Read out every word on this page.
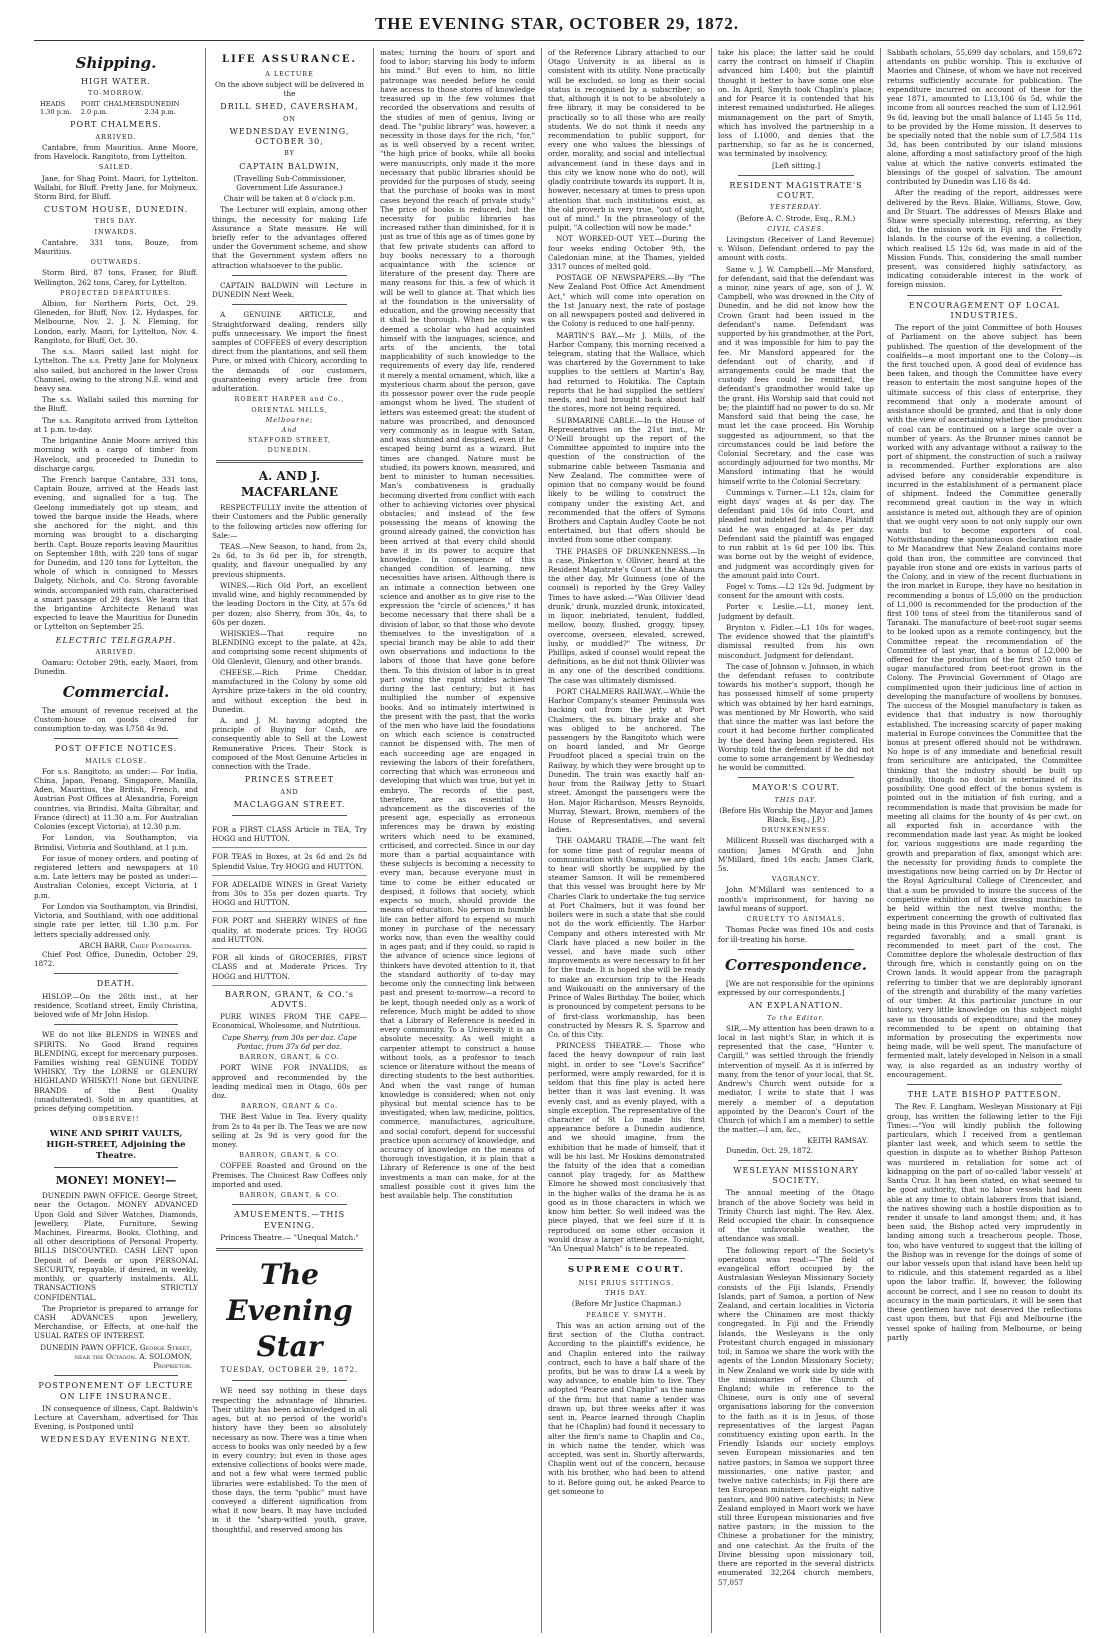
THE EVENING STAR, OCTOBER 29, 1872.
Shipping.
HIGH WATER.
TO-MORROW.
HEADS 1.30 p.m.
PORT CHALMERS 2.0 p.m.
DUNEDIN 2.34 p.m.
PORT CHALMERS.
ARRIVED.

Cantabre, from Mauritius. Anne Moore, from Havelock. Rangitoto, from Lyttelton.

SAILED.

Jane, for Shag Point. Maori, for Lyttelton. Wallabi, for Bluff. Pretty Jane, for Molyneux. Storm Bird, for Bluff.

CUSTOM HOUSE, DUNEDIN.
THIS DAY.
INWARDS.

Cantabre, 331 tons, Bouze, from Mauritius.

OUTWARDS.

Storm Bird, 87 tons, Fraser, for Bluff. Wellington, 262 tons, Carey, for Lyttelton.

PROJECTED DEPARTURES.

Albion, for Northern Ports, Oct. 29. Gleneden, for Bluff, Nov. 12. Hydaspes, for Melbourne, Nov. 2. J. N. Fleming, for London, early. Maori, for Lyttelton, Nov. 4. Rangitoto, for Bluff, Oct. 30.

The s.s. Maori sailed last night for Lyttelton. The s.s. Pretty Jane for Molyneux also sailed, but anchored in the lower Cross Channel, owing to the strong N.E. wind and heavy sea.

The s.s. Wallabi sailed this morning for the Bluff.

The s.s. Rangitoto arrived from Lyttelton at 1 p.m. to-day.

The brigantine Annie Moore arrived this morning with a cargo of timber from Havelock, and proceeded to Dunedin to discharge cargo.

The French barque Cantabre, 331 tons, Captain Bouze, arrived at the Heads last evening, and signalled for a tug. The Geelong immediately got up steam, and towed the barque inside the Heads, where she anchored for the night, and this morning was brought to a discharging berth. Capt. Bouze reports leaving Mauritius on September 18th, with 220 tons of sugar for Dunedin, and 120 tons for Lyttelton, the whole of which is consigned to Messrs Dalgety, Nichols, and Co. Strong favorable winds, accompanied with rain, characterised a smart passage of 29 days. We learn that the brigantine Architecte Renaud was expected to leave the Mauritius for Dunedin or Lyttelton on September 25.

ELECTRIC TELEGRAPH.
ARRIVED.

Oamaru: October 29th, early, Maori, from Dunedin.

Commercial.

The amount of revenue received at the Custom-house on goods cleared for consumption to-day, was L758 4s 9d.

POST OFFICE NOTICES.
MAILS CLOSE.

For s.s. Rangitoto, as under:— For India, China, Japan, Penang, Singapore, Manilla, Aden, Mauritius, the British, French, and Austrian Post Offices at Alexandria, Foreign countries, via Brindisi, Malta Gibraltar, and France (direct) at 11.30 a.m. For Australian Colonies (except Victoria), at 12.30 p.m.

For London, via Southampton, via Brindisi, Victoria and Southland, at 1 p.m.

For issue of money orders, and posting of registered letters and newspapers at 10 a.m. Late letters may be posted as under:— Australian Colonies, except Victoria, at 1 p.m.

For London via Southampton, via Brindisi, Victoria, and Southland, with one additional single rate per letter, till 1.30 p.m. For letters specially addressed only.

ARCH BARR, Chief Postmaster.

Chief Post Office, Dunedin, October 29, 1872.

DEATH.

HISLOP.—On the 26th inst., at her residence, Scotland street, Emily Christina, beloved wife of Mr John Hislop.

WE do not like BLENDS in WINES and SPIRITS. No Good Brand requires BLENDING, except for mercenary purposes. Families wishing real GENUINE TODDY WHISKY, Try the LORNE or GLENURY HIGHLAND WHISKY!! None but GENUINE BRANDS of the Best Quality (unadulterated). Sold in any quantities, at prices defying competition.

OBSERVE!!
WINE AND SPIRIT VAULTS, HIGH-STREET, Adjoining the Theatre.
MONEY! MONEY!—

DUNEDIN PAWN OFFICE. George Street, near the Octagon. MONEY ADVANCED Upon Gold and Silver Watches, Diamonds, Jewellery, Plate, Furniture, Sewing Machines, Firearms, Books, Clothing, and all other descriptions of Personal Property. BILLS DISCOUNTED. CASH LENT upon Deposit of Deeds or upon PERSONAL SECURITY, repayable, if desired, in weekly, monthly, or quarterly instalments. ALL TRANSACTIONS STRICTLY CONFIDENTIAL.

The Proprietor is prepared to arrange for CASH ADVANCES upon Jewellery, Merchandise, or Effects, at one-half the USUAL RATES OF INTEREST.

DUNEDIN PAWN OFFICE, George Street, near the Octagon. A. SOLOMON, Proprietor.
POSTPONEMENT OF LECTURE ON LIFE INSURANCE.

IN consequence of illness, Capt. Baldwin's Lecture at Caversham, advertised for This Evening, is Postponed until

WEDNESDAY EVENING NEXT.
LIFE ASSURANCE.
A LECTURE

On the above subject will be delivered in the

DRILL SHED, CAVERSHAM,
ON
WEDNESDAY EVENING, OCTOBER 30,
BY
CAPTAIN BALDWIN,

(Travelling Sub-Commissioner, Government Life Assurance.)

Chair will be taken at 8 o'clock p.m.

The Lecturer will explain, among other things, the necessity for making Life Assurance a State measure. He will briefly refer to the advantages offered under the Government scheme, and show that the Government system offers no attraction whatsoever to the public.

CAPTAIN BALDWIN will Lecture in DUNEDIN Next Week.

A GENUINE ARTICLE, and Straightforward dealing, renders silly puffs unnecessary. We import the finest samples of COFFEES of every description direct from the plantations, and sell them Pure, or mixed with Chicory, according to the demands of our customers, guaranteeing every article free from adulteration.

ROBERT HARPER and Co.,
ORIENTAL MILLS,
Melbourne;
And
STAFFORD STREET,
DUNEDIN.
A. AND J. MACFARLANE

RESPECTFULLY invite the attention of their Customers and the Public generally to the following articles now offering for Sale:—

TEAS.—New Season, to hand, from 2s, 2s 6d, to 3s 6d per lb, for strength, quality, and flavour unequalled by any previous shipments.

WINES.—Rich Old Port, an excellent invalid wine, and highly recommended by the leading Doctors in the City, at 57s 6d per dozen; also Sherry, from 30s, 4s, to 60s per dozen.

WHISKIES—That require no BLENDING except to the palate, at 42s, and comprising some recent shipments of Old Glenlevit, Glenury, and other brands.

CHEESE.—Rich Prime Cheddar, manufactured in the Colony by some old Ayrshire prize-takers in the old country, and without exception the best in Dunedin.

A. and J. M. having adopted the principle of Buying for Cash, are consequently able to Sell at the Lowest Remunerative Prices. Their Stock is composed of the Most Genuine Articles in connection with the Trade.

PRINCES STREET
AND
MACLAGGAN STREET.
FOR a FIRST CLASS Article in TEA, Try HOGG and HUTTON.
FOR TEAS in Boxes, at 2s 6d and 2s 8d Splendid Value. Try HOGG and HUTTON.
FOR ADELAIDE WINES in Great Variety from 30s to 35s per dozen quarts. Try HOGG and HUTTON.
FOR PORT and SHERRY WINES of fine quality, at moderate prices. Try HOGG and HUTTON.
FOR all kinds of GROCERIES, FIRST CLASS and at Moderate Prices. Try HOGG and HUTTON.
BARRON, GRANT, & CO.'s ADVTS.

PURE WINES FROM THE CAPE—Economical, Wholesome, and Nutritious.

Cape Sherry, from 30s per doz. Cape Pontac, from 37s 6d per doz.

BARRON, GRANT, & CO.

PORT WINE FOR INVALIDS, as approved and recommended by the leading medical men in Otago, 60s per doz.

BARRON, GRANT & Co.

THE Best Value in Tea. Every quality from 2s to 4s per lb. The Teas we are now selling at 2s 9d is very good for the money.

BARRON, GRANT, & CO.

COFFEE Roasted and Ground on the Premises. The Choicest Raw Coffees only imported and used.

BARRON, GRANT, & CO.
AMUSEMENTS.—THIS EVENING.

Princess Theatre.— "Unequal Match."

The Evening Star
TUESDAY, OCTOBER 29, 1872.

WE need say nothing in these days respecting the advantage of libraries. Their utility has been acknowledged in all ages, but at no period of the world's history have they been so absolutely necessary as now. There was a time when access to books was only needed by a few in every country; but even in those ages extensive collections of books were made, and not a few what were termed public libraries were established. To the men of those days, the term "public" must have conveyed a different signification from what it now bears. It may have included in it the "sharp-witted youth, grave, thoughtful, and reserved among his

mates; turning the hours of sport and food to labor; starving his body to inform his mind." But even to him, no little patronage was needed before he could have access to those stores of knowledge treasured up in the few volumes that recorded the observations and results of the studies of men of genius, living or dead. The "public library" was, however, a necessity in those days for the rich, "for," as is well observed by a recent writer, "the high price of books, while all books were manuscripts, only made it the more necessary that public libraries should be provided for the purposes of study, seeing that the purchase of books was in most cases beyond the reach of private study." The price of books is reduced, but the necessity for public libraries has increased rather than diminished, for it is just as true of this age as of times gone by that few private students can afford to buy books necessary to a thorough acquaintance with the science or literature of the present day. There are many reasons for this, a few of which it will be well to glance at. That which lies at the foundation is the universality of education, and the growing necessity that it shall be thorough. When he only was deemed a scholar who had acquainted himself with the languages, science, and arts of the ancients, the total inapplicability of such knowledge to the requirements of every day life, rendered it merely a mental ornament, which, like a mysterious charm about the person, gave its possessor power over the rude people amongst whom he lived. The student of letters was esteemed great: the student of nature was proscribed, and denounced very commonly as in league with Satan, and was shunned and despised, even if he escaped being burnt as a wizard. But times are changed. Nature must be studied, its powers known, measured, and bent to minister to human necessities. Man's combativeness is gradually becoming diverted from conflict with each other to achieving victories over physical obstacles; and instead of the few possessing the means of knowing the ground already gained, the conviction has been arrived at that every child should have it in its power to acquire that knowledge. In consequence of this changed condition of learning, new necessities have arisen. Although there is an intimate a connection between one science and another as to give rise to the expression the "circle of sciences," it has become necessary that there shall be a division of labor, so that those who devote themselves to the investigation of a special branch may be able to add their own observations and inductions to the labors of those that have gone before them. To this division of labor is in great part owing the rapid strides achieved during the last century; but it has multiplied the number of expensive books. And so intimately intertwined is the present with the past, that the works of the men who have laid the foundations on which each science is constructed cannot be dispensed with. The men of each succeeding age are engaged in reviewing the labors of their forefathers, correcting that which was erroneous and developing that which was true, but yet in embryo. The records of the past, therefore, are as essential to advancement as the discoveries of the present age, especially as erroneous inferences may be drawn by existing writers which need to be examined, criticised, and corrected. Since in our day more than a partial acquaintance with these subjects is becoming a necessity to every man, because everyone must in time to come be either educated or despised, it follows that society, which expects so much, should provide the means of education. No person in humble life can better afford to expend so much money in purchase of the necessary works now, than even the wealthy could in ages past; and if they could, so rapid is the advance of science since legions of thinkers have devoted attention to it, that the standard authority of to-day may become only the connecting link between past and present to-morrow—a record to be kept, though needed only as a work of reference. Much might be added to show that a Library of Reference is needed in every community. To a University it is an absolute necessity. As well might a carpenter attempt to construct a house without tools, as a professor to teach science or literature without the means of directing students to the best authorities. And when the vast range of human knowledge is considered; when not only physical but mental science has to be investigated; when law, medicine, politics, commerce, manufactures, agriculture, and social comfort, depend for successful practice upon accuracy of knowledge, and accuracy of knowledge on the means of thorough investigation, it is plain that a Library of Reference is one of the best investments a man can make, for at the smallest possible cost it gives him the best available help. The constitution

of the Reference Library attached to our Otago University is as liberal as is consistent with its utility. None practically will be excluded, so long as their social status is recognised by a subscriber; so that, although it is not to be absolutely a free library, it may be considered to be practically so to all those who are really students. We do not think it needs any recommendation to public support, for every one who values the blessings of order, morality, and social and intellectual advancement (and in these days and in this city we know none who do not), will gladly contribute towards its support. It is, however, necessary at times to press upon attention that such institutions exist, as the old proverb is very true, "out of sight, out of mind." In the phraseology of the pulpit, "A collection will now be made."

NOT WORKED-OUT YET.—During the four weeks ending October 9th, the Caledonian mine, at the Thames, yielded 3317 ounces of melted gold.

POSTAGE OF NEWSPAPERS.—By "The New Zealand Post Office Act Amendment Act," which will come into operation on the 1st January next, the rate of postage on all newspapers posted and delivered in the Colony is reduced to one half-penny.

MARTIN'S BAY.—Mr J. Mills, of the Harbor Company, this morning received a telegram, stating that the Wallace, which was chartered by the Government to take supplies to the settlers at Martin's Bay, had returned to Hokitika. The Captain reports that he had supplied the settlers' needs, and had brought back about half the stores, more not being required.

SUBMARINE CABLE.—In the House of Representatives on the 21st inst., Mr O'Neill brought up the report of the Committee appointed to inquire into the question of the construction of the submarine cable between Tasmania and New Zealand. The committee were of opinion that no company would be found likely to be willing to construct the company under the existing Act, and recommended that the offers of Symons Brothers and Captain Audley Coote be not entertained, but that offers should be invited from some other company.

THE PHASES OF DRUNKENNESS.—In a case, Pinkerton v. Ollivier, heard at the Resident Magistrate's Court at the Ahaura the other day, Mr Guinness (one of the counsel) is reported by the Grey Valley Times to have asked:—"Was Ollivier 'dead drunk,' drunk, muzzled drunk, intoxicated, in liquor, inebriated, tenulent, fuddled, mellow, boozy, flushed, groggy, tipsey, overcome, overseen, elevated, screwed, lushy, or muddled?" The witness, Dr Phillips, asked if counsel would repeat the definitions, as he did not think Ollivier was in any one of the described conditions. The case was ultimately dismissed.

PORT CHALMERS RAILWAY.—While the Harbor Company's steamer Peninsula was backing out from the jetty at Port Chalmers, the ss. binary brake and she was obliged to be anchored. The passengers by the Rangitoto which were on board landed, and Mr George Proudfoot placed a special train on the Railway, by which they were brought up to Dunedin. The train was exactly half an-hour from the Railway Jetty to Stuart street. Amongst the passengers were the Hon. Major Richardson, Messrs Reynolds, Murray, Stewart, Brown, members of the House of Representatives, and several ladies.

THE OAMARU TRADE.—The want felt for some time past of regular means of communication with Oamaru, we are glad to hear will shortly be supplied by the steamer Samson. It will be remembered that this vessel was brought here by Mr Charles Clark to undertake the tug service at Port Chalmers, but it was found her boilers were in such a state that she could not do the work efficiently. The Harbor Company and others interested with Mr Clark have placed a new boiler in the vessel, and have made such other improvements as were necessary to fit her for the trade. It is hoped she will be ready to make an excursion trip to the Heads and Waikouaiti on the anniversary of the Prince of Wales Birthday. The boiler, which is pronounced by competent persons to be of first-class workmanship, has been constructed by Messrs R. S. Sparrow and Co. of this City.

PRINCESS THEATRE.— Those who faced the heavy downpour of rain last night, in order to see "Love's Sacrifice" performed, were amply rewarded, for it is seldom that this fine play is acted here better than it was last evening. It was evenly cast, and as evenly played, with a single exception. The representative of the character of St Lo made his first appearance before a Dunedin audience, and we should imagine, from the exhibition that he made of himself, that it will be his last. Mr Hoskins demonstrated the fatuity of the idea that a comedian cannot play tragedy, for as Matthew Elmore he showed most conclusively that in the higher walks of the drama he is as good as in those characters in which we know him better. So well indeed was the piece played, that we feel sure if it is reproduced on some other occasion it would draw a larger attendance. To-night, "An Unequal Match" is to be repeated.

SUPREME COURT.
NISI PRIUS SITTINGS.
THIS DAY.

(Before Mr Justice Chapman.)

PEARCE V. SMYTH.

This was an action arising out of the first section of the Clutha contract. According to the plaintiff's evidence, he and Chaplin entered into the railway contract, each to have a half share of the profits, but he was to draw L4 a week by way advance, to enable him to live. They adopted "Pearce and Chaplin" as the name of the firm; but that name a tender was drawn up, but three weeks after it was sent in, Pearce learned through Chaplin that he (Chaplin) had found it necessary to alter the firm's name to Chaplin and Co., in which name the tender, which was accepted, was sent in. Shortly afterwards, Chaplin went out of the concern, because with his brother, who had been to attend to it. Before going out, he asked Pearce to get someone to

take his place; the latter said he could carry the contract on himself if Chaplin advanced him L400; but the plaintiff thought it better to have some one else on. In April, Smyth took Chaplin's place; and for Pearce it is contended that his interest remained undisturbed. He alleges mismanagement on the part of Smyth, which has involved the partnership in a loss of L1000, and denies that the partnership, so far as he is concerned, was terminated by insolvency.

[Left sitting.]

RESIDENT MAGISTRATE'S COURT.
YESTERDAY.

(Before A. C. Strode, Esq., R.M.)

CIVIL CASES.

Livingston (Receiver of Land Revenue) v. Wilson. Defendant ordered to pay the amount with costs.

Same v. J. W. Campbell.—Mr Mansford, for defendant, said that the defendant was a minor, nine years of age, son of J. W. Campbell, who was drowned in the City of Dunedin, and he did not know how the Crown Grant had been issued in the defendant's name. Defendant was supported by his grandmother, at the Port, and it was impossible for him to pay the fee. Mr Mansford appeared for the defendant out of charity, and if arrangements could be made that the custody fees could be remitted, the defendant's grandmother would take up the grant. His Worship said that could not be; the plaintiff had no power to do so. Mr Mansford said that being the case, he must let the case proceed. His Worship suggested as adjournment, so that the circumstances could be laid before the Colonial Secretary, and the case was accordingly adjourned for two months, Mr Mansford intimating that he would himself write to the Colonial Secretary.

Cummings v. Turner.—L1 12s, claim for eight days' wages at 4s per day. The defendant paid 10s 6d into Court, and pleaded not indebted for balance. Plaintiff said he was engaged at 4s per day. Defendant said the plaintiff was engaged to run rabbit at 1s 6d per 100 lbs. This was borne out by the weight of evidence, and judgment was accordingly given for the amount paid into Court.

Fogel v. Toms.—L2 12s 9d. Judgment by consent for the amount with costs.

Porter v. Leslie.—L1, money lent. Judgment by default.

Brynton v. Fidler.—L1 10s for wages. The evidence showed that the plaintiff's dismissal resulted from his own misconduct. Judgment for defendant.

The case of Johnson v. Johnson, in which the defendant refuses to contribute towards his mother's support, though he has possessed himself of some property which was obtained by her hard earnings, was mentioned by Mr Howorth, who said that since the matter was last before the court it had become further complicated by the deed having been registered. His Worship told the defendant if he did not come to some arrangement by Wednesday he would be committed.

MAYOR'S COURT.
THIS DAY.

(Before His Worship the Mayor and James Black, Esq., J.P.)

DRUNKENNESS.

Millicent Russell was discharged with a caution; James M'Grath and John M'Millard, fined 10s each; James Clark, 5s.

VAGRANCY.

John M'Millard was sentenced to a month's imprisonment, for having no lawful means of support.

CRUELTY TO ANIMALS.

Thomas Pocke was fined 10s and costs for ill-treating his horse.

Correspondence.

[We are not responsible for the opinions expressed by our correspondents.]

AN EXPLANATION.
To the Editor.

SIR,—My attention has been drawn to a local in last night's Star, in which it is represented that the case, "Hunter v. Cargill," was settled through the friendly intervention of myself. As it is inferred by many, from the tenor of your local, that St. Andrew's Church went outside for a mediator, I write to state that I was merely a member of a deputation appointed by the Deacon's Court of the Church (of which I am a member) to settle the matter.—I am, &c.,

KEITH RAMSAY.

Dunedin, Oct. 29, 1872.

WESLEYAN MISSIONARY SOCIETY.

The annual meeting of the Otago branch of the above Society was held in Trinity Church last night. The Rev. Alex. Reid occupied the chair. In consequence of the unfavorable weather, the attendance was small.

The following report of the Society's operations was read:—"The field of evangelical effort occupied by the Australasian Wesleyan Missionary Society consists of the Fiji Islands, Friendly Islands, part of Samoa, a portion of New Zealand, and certain localities in Victoria where the Chinamen are most thickly congregated. In Fiji and the Friendly Islands, the Wesleyans is the only Protestant church engaged in missionary toil; in Samoa we share the work with the agents of the London Missionary Society; in New Zealand we work side by side with the missionaries of the Church of England; while in reference to the Chinese, ours is only one of several organisations laboring for the conversion to the faith as it is in Jesus, of those representatives of the largest Pagan constituency existing upon earth. In the Friendly Islands our society employs seven European missionaries and ten native pastors; in Samoa we support three missionaries, one native pastor, and twelve native catechists; in Fiji there are ten European ministers, forty-eight native pastors, and 900 native catechists; in New Zealand employed in Maori work we have still three European missionaries and five native pastors; in the mission to the Chinese a probationer for the ministry, and one catechist. As the fruits of the Divine blessing upon missionary toil, there are reported in the several districts enumerated 32,264 church members, 57,057

Sabbath scholars, 55,699 day scholars, and 159,672 attendants on public worship. This is exclusive of Maories and Chinese, of whom we have not received returns sufficiently accurate for publication. The expenditure incurred on account of these for the year 1871, amounted to L13,106 6s 5d, while the income from all sources reached the sum of L12,961 9s 6d, leaving but the small balance of L145 5s 11d, to be provided by the Home mission. It deserves to be specially noted that the noble sum of L7,584 11s 3d, has been contributed by our island missions alone, affording a most satisfactory proof of the high value at which the native converts estimated the blessings of the gospel of salvation. The amount contributed by Dunedin was L16 8s 4d.

After the reading of the report, addresses were delivered by the Revs. Blake, Williams, Stowe, Gow, and Dr Stuart. The addresses of Messrs Blake and Shaw were specially interesting, referring, as they did, to the mission work in Fiji and the Friendly Islands. In the course of the evening, a collection, which realised L5 12s 6d, was made in aid of the Mission Funds. This, considering the small number present, was considered highly satisfactory, as indicating considerable interest in the work of foreign mission.

ENCOURAGEMENT OF LOCAL INDUSTRIES.

The report of the joint Committee of both Houses of Parliament on the above subject has been published. The question of the development of the coalfields—a most important one to the Colony—is the first touched upon. A good deal of evidence has been taken, and though the Committee have every reason to entertain the most sanguine hopes of the ultimate success of this class of enterprise, they recommend that only a moderate amount of assistance should be granted, and that is only done with the view of ascertaining whether the production of coal can be continued on a large scale over a number of years. As the Brunner mines cannot be worked with any advantage without a railway to the port of shipment, the construction of such a railway is recommended. Further explorations are also advised before any considerable expenditure is incurred in the establishment of a permanent place of shipment. Indeed the Committee generally recommend great caution in the way in which assistance is meted out, although they are of opinion that we ought very soon to not only supply our own wants but to become exporters of coal. Notwithstanding the spontaneous declaration made to Mr Macandrew that New Zealand contains more gold than iron, the committee are convinced that payable iron stone and ore exists in various parts of the Colony, and in view of the recent fluctuations in the iron market in Europe, they have no hesitation in recommending a bonus of L5,000 on the production of L1,000 is recommended for the production of the first 100 tons of steel from the titaniferous sand of Taranaki. The manufacture of beet-root sugar seems to be looked upon as a remote contingency, but the Committee repeat the recommendation of the Committee of last year, that a bonus of L2,000 be offered for the production of the first 250 tons of sugar manufactured from beet-root grown in the Colony. The Provincial Government of Otago are complimented upon their judicious line of action in developing the manufacture of woollens by bonuses. The success of the Mosgiel manufactory is taken as evidence that that industry is now thoroughly established. The increasing scarcity of paper making material in Europe convinces the Committee that the bonus at present offered should not be withdrawn. No hope is of any immediate and beneficial result from sericulture are anticipated, the Committee thinking that the industry should be built up gradually, though no doubt is entertained of its possibility. One good effect of the bonus system is pointed out in the initiation of fish curing, and a recommendation is made that provision be made for meeting all claims for the bounty of 4s per cwt. on all exported fish in accordance with the recommendation made last year. As might be looked for, various suggestions are made regarding the growth and preparation of flax, amongst which are: the necessity for providing funds to complete the investigations now being carried on by Dr Hector of the Royal Agricultural College of Cirencester, and that a sum be provided to insure the success of the competitive exhibition of flax dressing machines to be held within the next twelve months; the experiment concerning the growth of cultivated flax being made in this Province and that of Taranaki, is regarded favorably, and a small grant is recommended to meet part of the cost. The Committee deplore the wholesale destruction of flax through fire, which is constantly going on on the Crown lands. It would appear from the paragraph referring to timber that we are deplorably ignorant of the strength and durability of the many varieties of our timber. At this particular juncture in our history, very little knowledge on this subject might save us thousands of expenditure; and the money recommended to be spent on obtaining that information by prosecuting the experiments now being made, will be well spent. The manufacture of fermented malt, lately developed in Nelson in a small way, is also regarded as an industry worthy of encouragement.

THE LATE BISHOP PATTESON.

The Rev. F. Langham, Wesleyan Missionary at Fiji group, has written the following letter to the Fiji Times:—"You will kindly publish the following particulars, which I received from a gentleman planter last week, and which seem to settle the question in dispute as to whether Bishop Patteson was murdered in retaliation for some act of kidnapping on the part of so-called 'labor vessels' at Santa Cruz. It has been stated, on what seemed to be good authority, that no labor vessels had been able at any time to obtain laborers from that island, the natives showing such a hostile disposition as to render it unsafe to land amongst them; and, it has been said, the Bishop acted very imprudently in landing among such a treacherous people. Those, too, who have ventured to suggest that the killing of the Bishop was in revenge for the doings of some of our labor vessels upon that island have been held up to ridicule, and this statement regarded as a libel upon the labor traffic. If, however, the following account be correct, and I see no reason to doubt its accuracy in the main particulars, it will be seen that these gentlemen have not deserved the reflections cast upon them, but that Fiji and Melbourne (the vessel spoke of hailing from Melbourne, or being partly
